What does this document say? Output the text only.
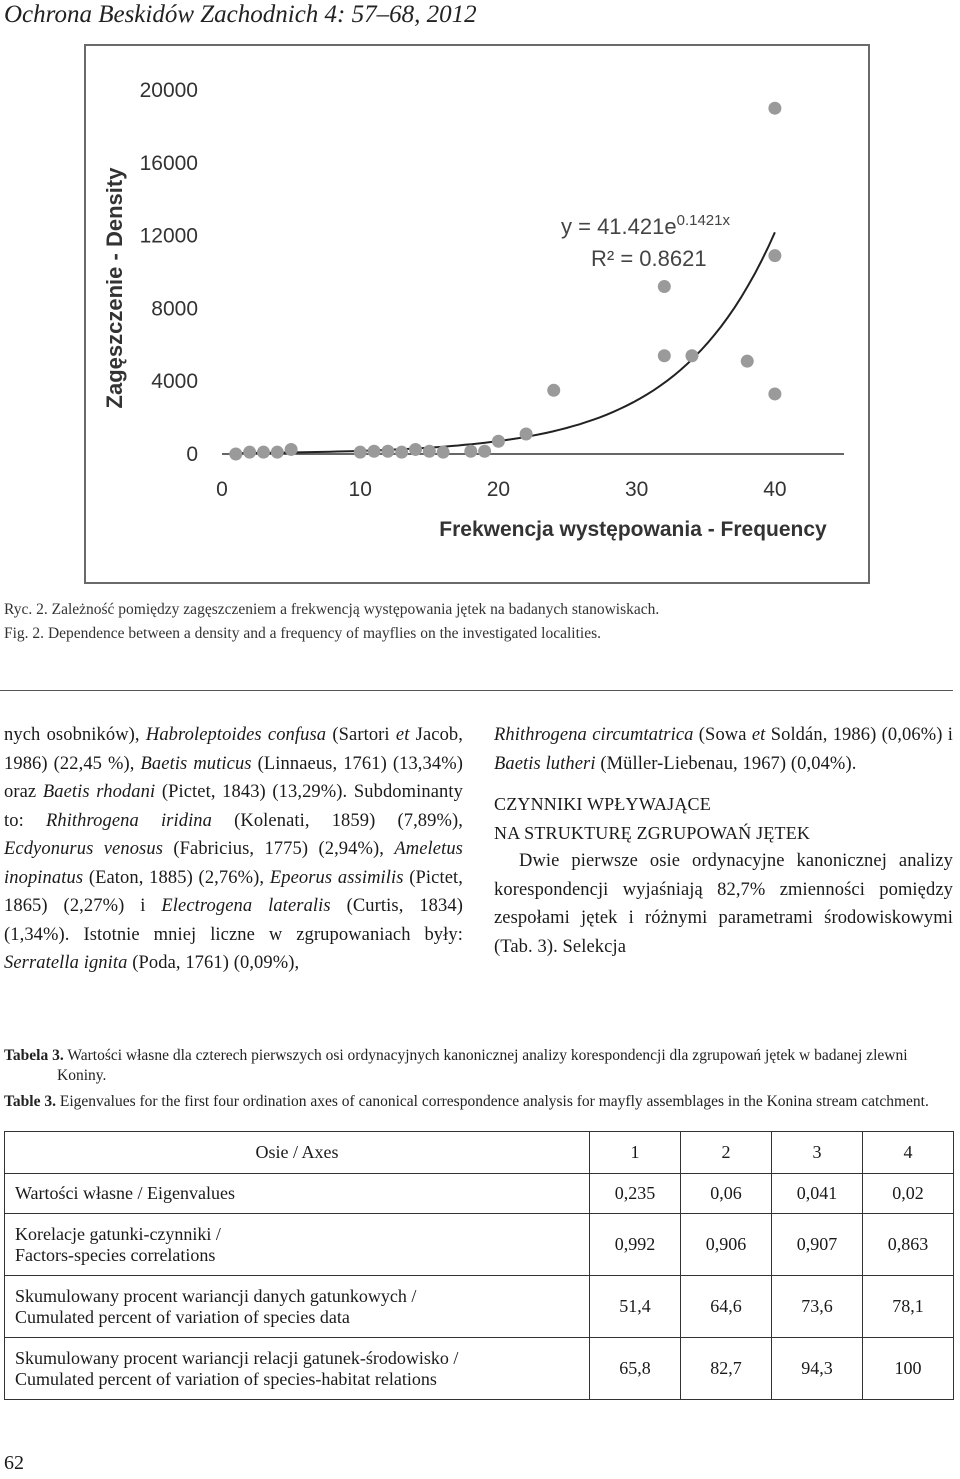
Ochrona Beskidów Zachodnich 4: 57–68, 2012
0
4000
8000
12000
16000
20000
0	10	20	30	40
Zagęszczenie - Density
Frekwencja występowania - Frequency
$y = 41.421e^{0.1421x}$
R² = 0.8621
Ryc. 2. Zależność pomiędzy zagęszczeniem a frekwencją występowania jętek na badanych stanowiskach.
Fig. 2. Dependence between a density and a frequency of mayflies on the investigated localities.

nych osobników), Habroleptoides confusa (Sartori et Jacob, 1986) (22,45 %), Baetis muticus (Linnaeus, 1761) (13,34%) oraz Baetis rhodani (Pictet, 1843) (13,29%). Subdominanty to: Rhithrogena iridina (Kolenati, 1859) (7,89%), Ecdyonurus venosus (Fabricius, 1775) (2,94%), Ameletus inopinatus (Eaton, 1885) (2,76%), Epeorus assimilis (Pictet, 1865) (2,27%) i Electrogena lateralis (Curtis, 1834) (1,34%). Istotnie mniej liczne w zgrupowaniach były: Serratella ignita (Poda, 1761) (0,09%),

Rhithrogena circumtatrica (Sowa et Soldán, 1986) (0,06%) i Baetis lutheri (Müller-Liebenau, 1967) (0,04%).

CZYNNIKI WPŁYWAJĄCE
NA STRUKTURĘ ZGRUPOWAŃ JĘTEK

Dwie pierwsze osie ordynacyjne kanonicznej analizy korespondencji wyjaśniają 82,7% zmienności pomiędzy zespołami jętek i różnymi parametrami środowiskowymi (Tab. 3). Selekcja

Tabela 3. Wartości własne dla czterech pierwszych osi ordynacyjnych kanonicznej analizy korespondencji dla zgrupowań jętek w badanej zlewni
Koniny.
Table 3. Eigenvalues for the first four ordination axes of canonical correspondence analysis for mayfly assemblages in the Konina stream catchment.
Osie / Axes	1	2	3	4

Wartości własne / Eigenvalues	0,235	0,06	0,041	0,02

Korelacje gatunki-czynniki /
Factors-species correlations	0,992	0,906	0,907	0,863

Skumulowany procent wariancji danych gatunkowych /
Cumulated percent of variation of species data	51,4	64,6	73,6	78,1

Skumulowany procent wariancji relacji gatunek-środowisko /
Cumulated percent of variation of species-habitat relations	65,8	82,7	94,3	100
62
